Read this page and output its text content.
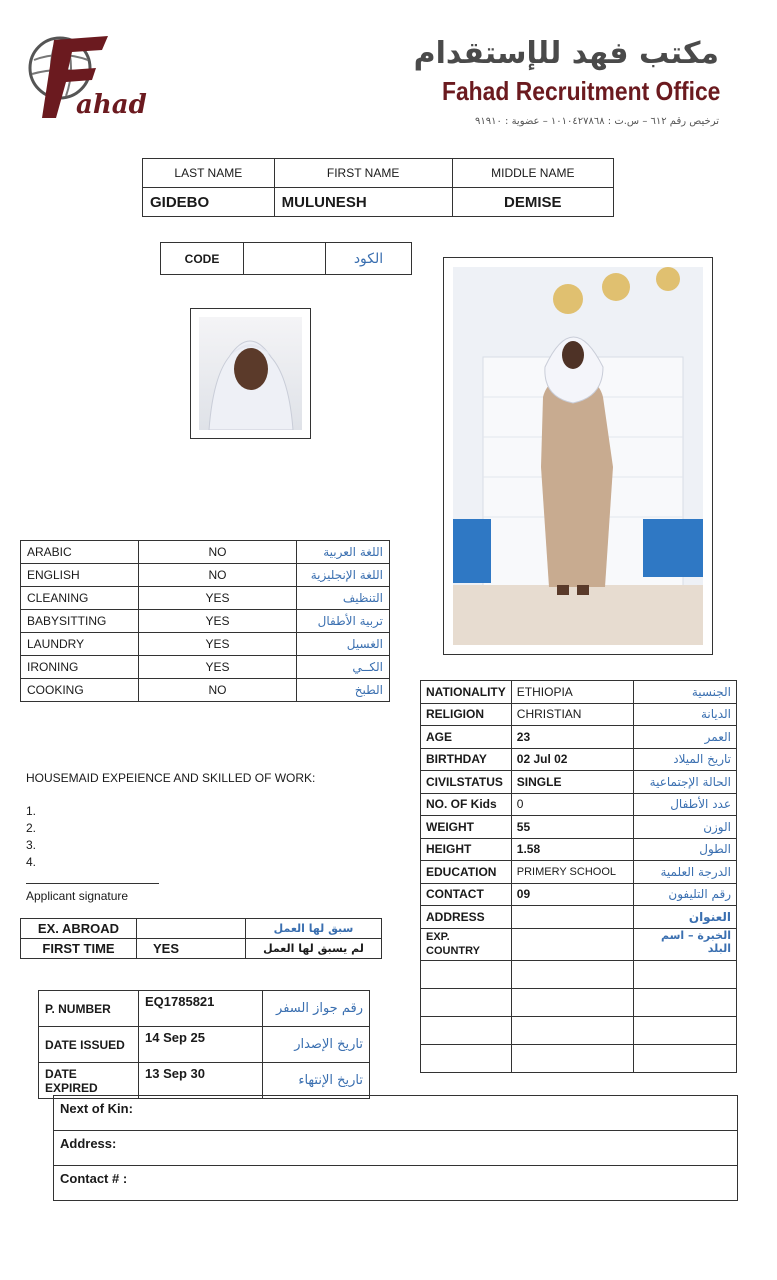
ahad
مكتب فهد للإستقدام
Fahad Recruitment Office
ترخيص رقم ٦١٢ – س.ت : ١٠١٠٤٢٧٨٦٨ – عضوية : ٩١٩١٠
LAST NAME	FIRST NAME	MIDDLE NAME
GIDEBO	MULUNESH	DEMISE
CODE		الكود
ARABIC	NO	اللغة العربية
ENGLISH	NO	اللغة الإنجليزية
CLEANING	YES	التنظيف
BABYSITTING	YES	تربية الأطفال
LAUNDRY	YES	الغسيل
IRONING	YES	الكــي
COOKING	NO	الطبخ
HOUSEMAID EXPEIENCE AND SKILLED OF WORK:
1.
2.
3.
4.
Applicant signature
EX. ABROAD		سبق لها العمل
FIRST TIME	YES	لم يسبق لها العمل
P. NUMBER	EQ1785821	رقم جواز السفر
DATE ISSUED	14 Sep 25	تاريخ الإصدار
DATE EXPIRED	13 Sep 30	تاريخ الإنتهاء
Next of Kin:
Address:
Contact # :
NATIONALITY	ETHIOPIA	الجنسية
RELIGION	CHRISTIAN	الديانة
AGE	23	العمر
BIRTHDAY	02 Jul 02	تاريخ الميلاد
CIVILSTATUS	SINGLE	الحالة الإجتماعية
NO. OF Kids	0	عدد الأطفال
WEIGHT	55	الوزن
HEIGHT	1.58	الطول
EDUCATION	PRIMERY SCHOOL	الدرجة العلمية
CONTACT	09	رقم التليفون
ADDRESS		العنوان
EXP. COUNTRY		الخبرة – اسم البلد
